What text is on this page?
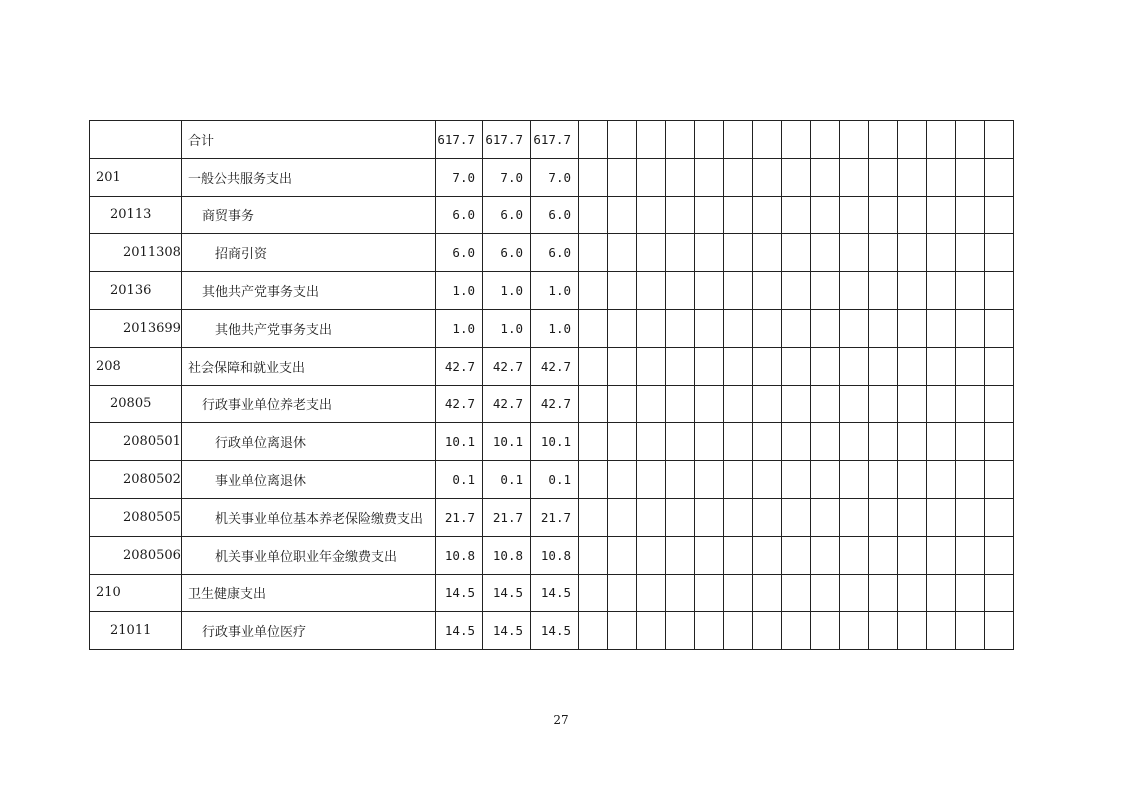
	合计	617.7	617.7	617.7															
201	一般公共服务支出	7.0	7.0	7.0															
20113	商贸事务	6.0	6.0	6.0															
2011308	招商引资	6.0	6.0	6.0															
20136	其他共产党事务支出	1.0	1.0	1.0															
2013699	其他共产党事务支出	1.0	1.0	1.0															
208	社会保障和就业支出	42.7	42.7	42.7															
20805	行政事业单位养老支出	42.7	42.7	42.7															
2080501	行政单位离退休	10.1	10.1	10.1															
2080502	事业单位离退休	0.1	0.1	0.1															
2080505	机关事业单位基本养老保险缴费支出	21.7	21.7	21.7															
2080506	机关事业单位职业年金缴费支出	10.8	10.8	10.8															
210	卫生健康支出	14.5	14.5	14.5															
21011	行政事业单位医疗	14.5	14.5	14.5															
27
